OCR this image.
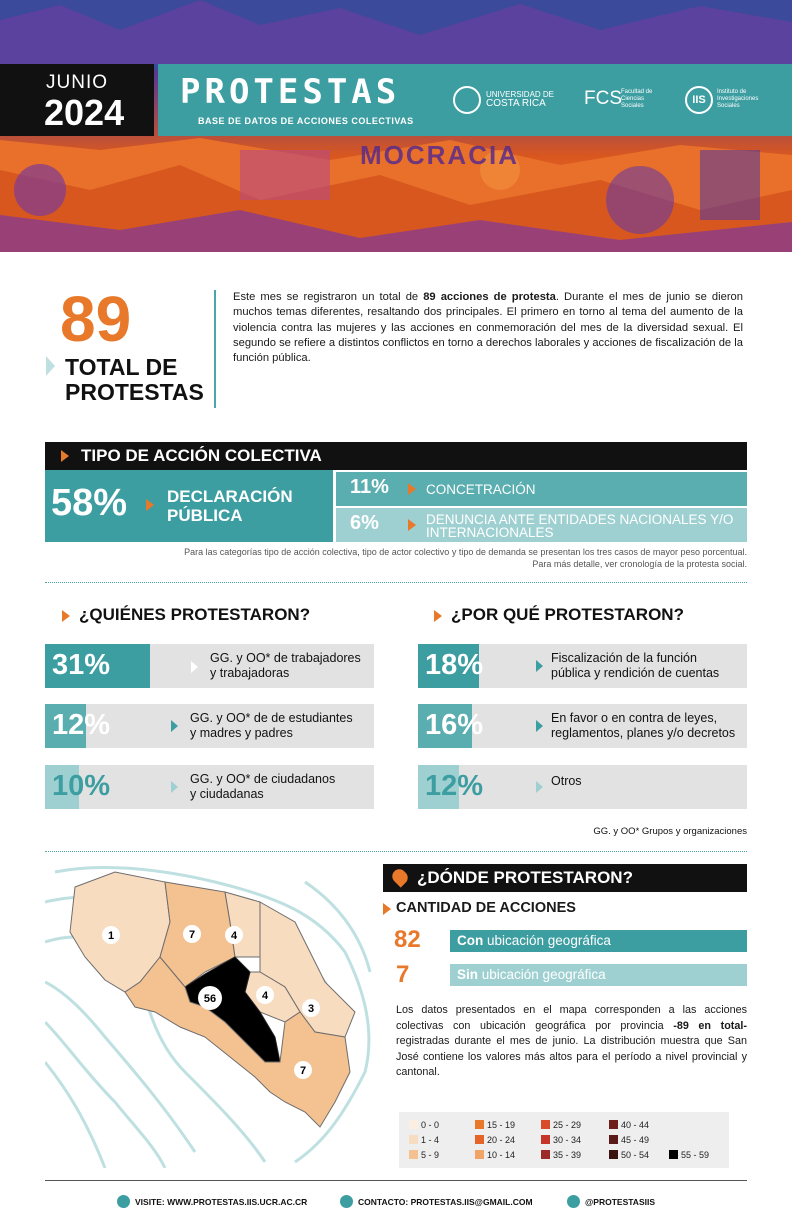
MOCRACIA
JUNIO
2024 PROTESTAS
BASE DE DATOS DE ACCIONES COLECTIVAS
UNIVERSIDAD DE
COSTA RICA	FCS Facultad de
Ciencias
Sociales	IIS
Instituto de
Investigaciones
Sociales
89
TOTAL DE
PROTESTAS
Este mes se registraron un total de 89 acciones de protesta. Durante el mes de junio se dieron muchos temas diferentes, resaltando dos principales. El primero en torno al tema del aumento de la violencia contra las mujeres y las acciones en conmemoración del mes de la diversidad sexual. El segundo se refiere a distintos conflictos en torno a derechos laborales y acciones de fiscalización de la función pública.
TIPO DE ACCIÓN COLECTIVA
58% DECLARACIÓN PÚBLICA
11%	CONCETRACIÓN
6%	DENUNCIA ANTE ENTIDADES NACIONALES Y/O INTERNACIONALES
Para las categorías tipo de acción colectiva, tipo de actor colectivo y tipo de demanda se presentan los tres casos de mayor peso porcentual.
Para más detalle, ver cronología de la protesta social.
¿QUIÉNES PROTESTARON?
31%	GG. y OO* de trabajadores
y trabajadoras
12%	GG. y OO* de de estudiantes
y madres y padres
10%	GG. y OO* de ciudadanos
y ciudadanas
¿POR QUÉ PROTESTARON?
18%	Fiscalización de la función
pública y rendición de cuentas
16%	En favor o en contra de leyes,
reglamentos, planes y/o decretos
12%	Otros
GG. y OO* Grupos y organizaciones
1	7	4
56	4
3
7
¿DÓNDE PROTESTARON?
CANTIDAD DE ACCIONES
82	Con ubicación geográfica
7	Sin ubicación geográfica
Los datos presentados en el mapa corresponden a las acciones colectivas con ubicación geográfica por provincia -89 en total- registradas durante el mes de junio. La distribución muestra que San José contiene los valores más altos para el período a nivel provincial y cantonal.
0 - 0
1 - 4
5 - 9
15 - 19
20 - 24
10 - 14
25 - 29
30 - 34
35 - 39
40 - 44
45 - 49
50 - 54	55 - 59
VISITE: WWW.PROTESTAS.IIS.UCR.AC.CR	CONTACTO: PROTESTAS.IIS@GMAIL.COM	@PROTESTASIIS
